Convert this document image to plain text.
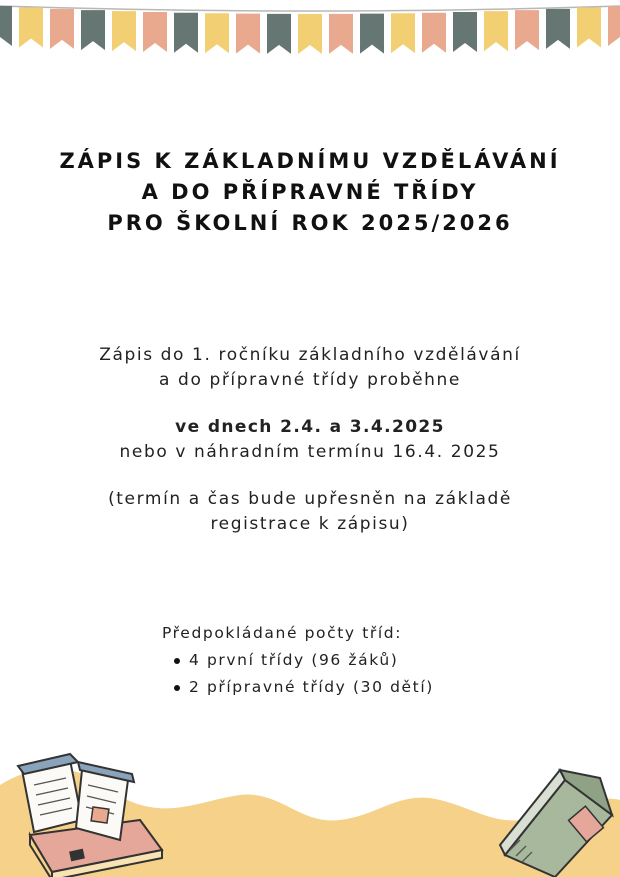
ZÁPIS K ZÁKLADNÍMU VZDĚLÁVÁNÍ
A DO PŘÍPRAVNÉ TŘÍDY
PRO ŠKOLNÍ ROK 2025/2026
Zápis do 1. ročníku základního vzdělávání
a do přípravné třídy proběhne
ve dnech 2.4. a 3.4.2025
nebo v náhradním termínu 16.4. 2025
(termín a čas bude upřesněn na základě
registrace k zápisu)
Předpokládané počty tříd:
4 první třídy (96 žáků)
2 přípravné třídy (30 dětí)
